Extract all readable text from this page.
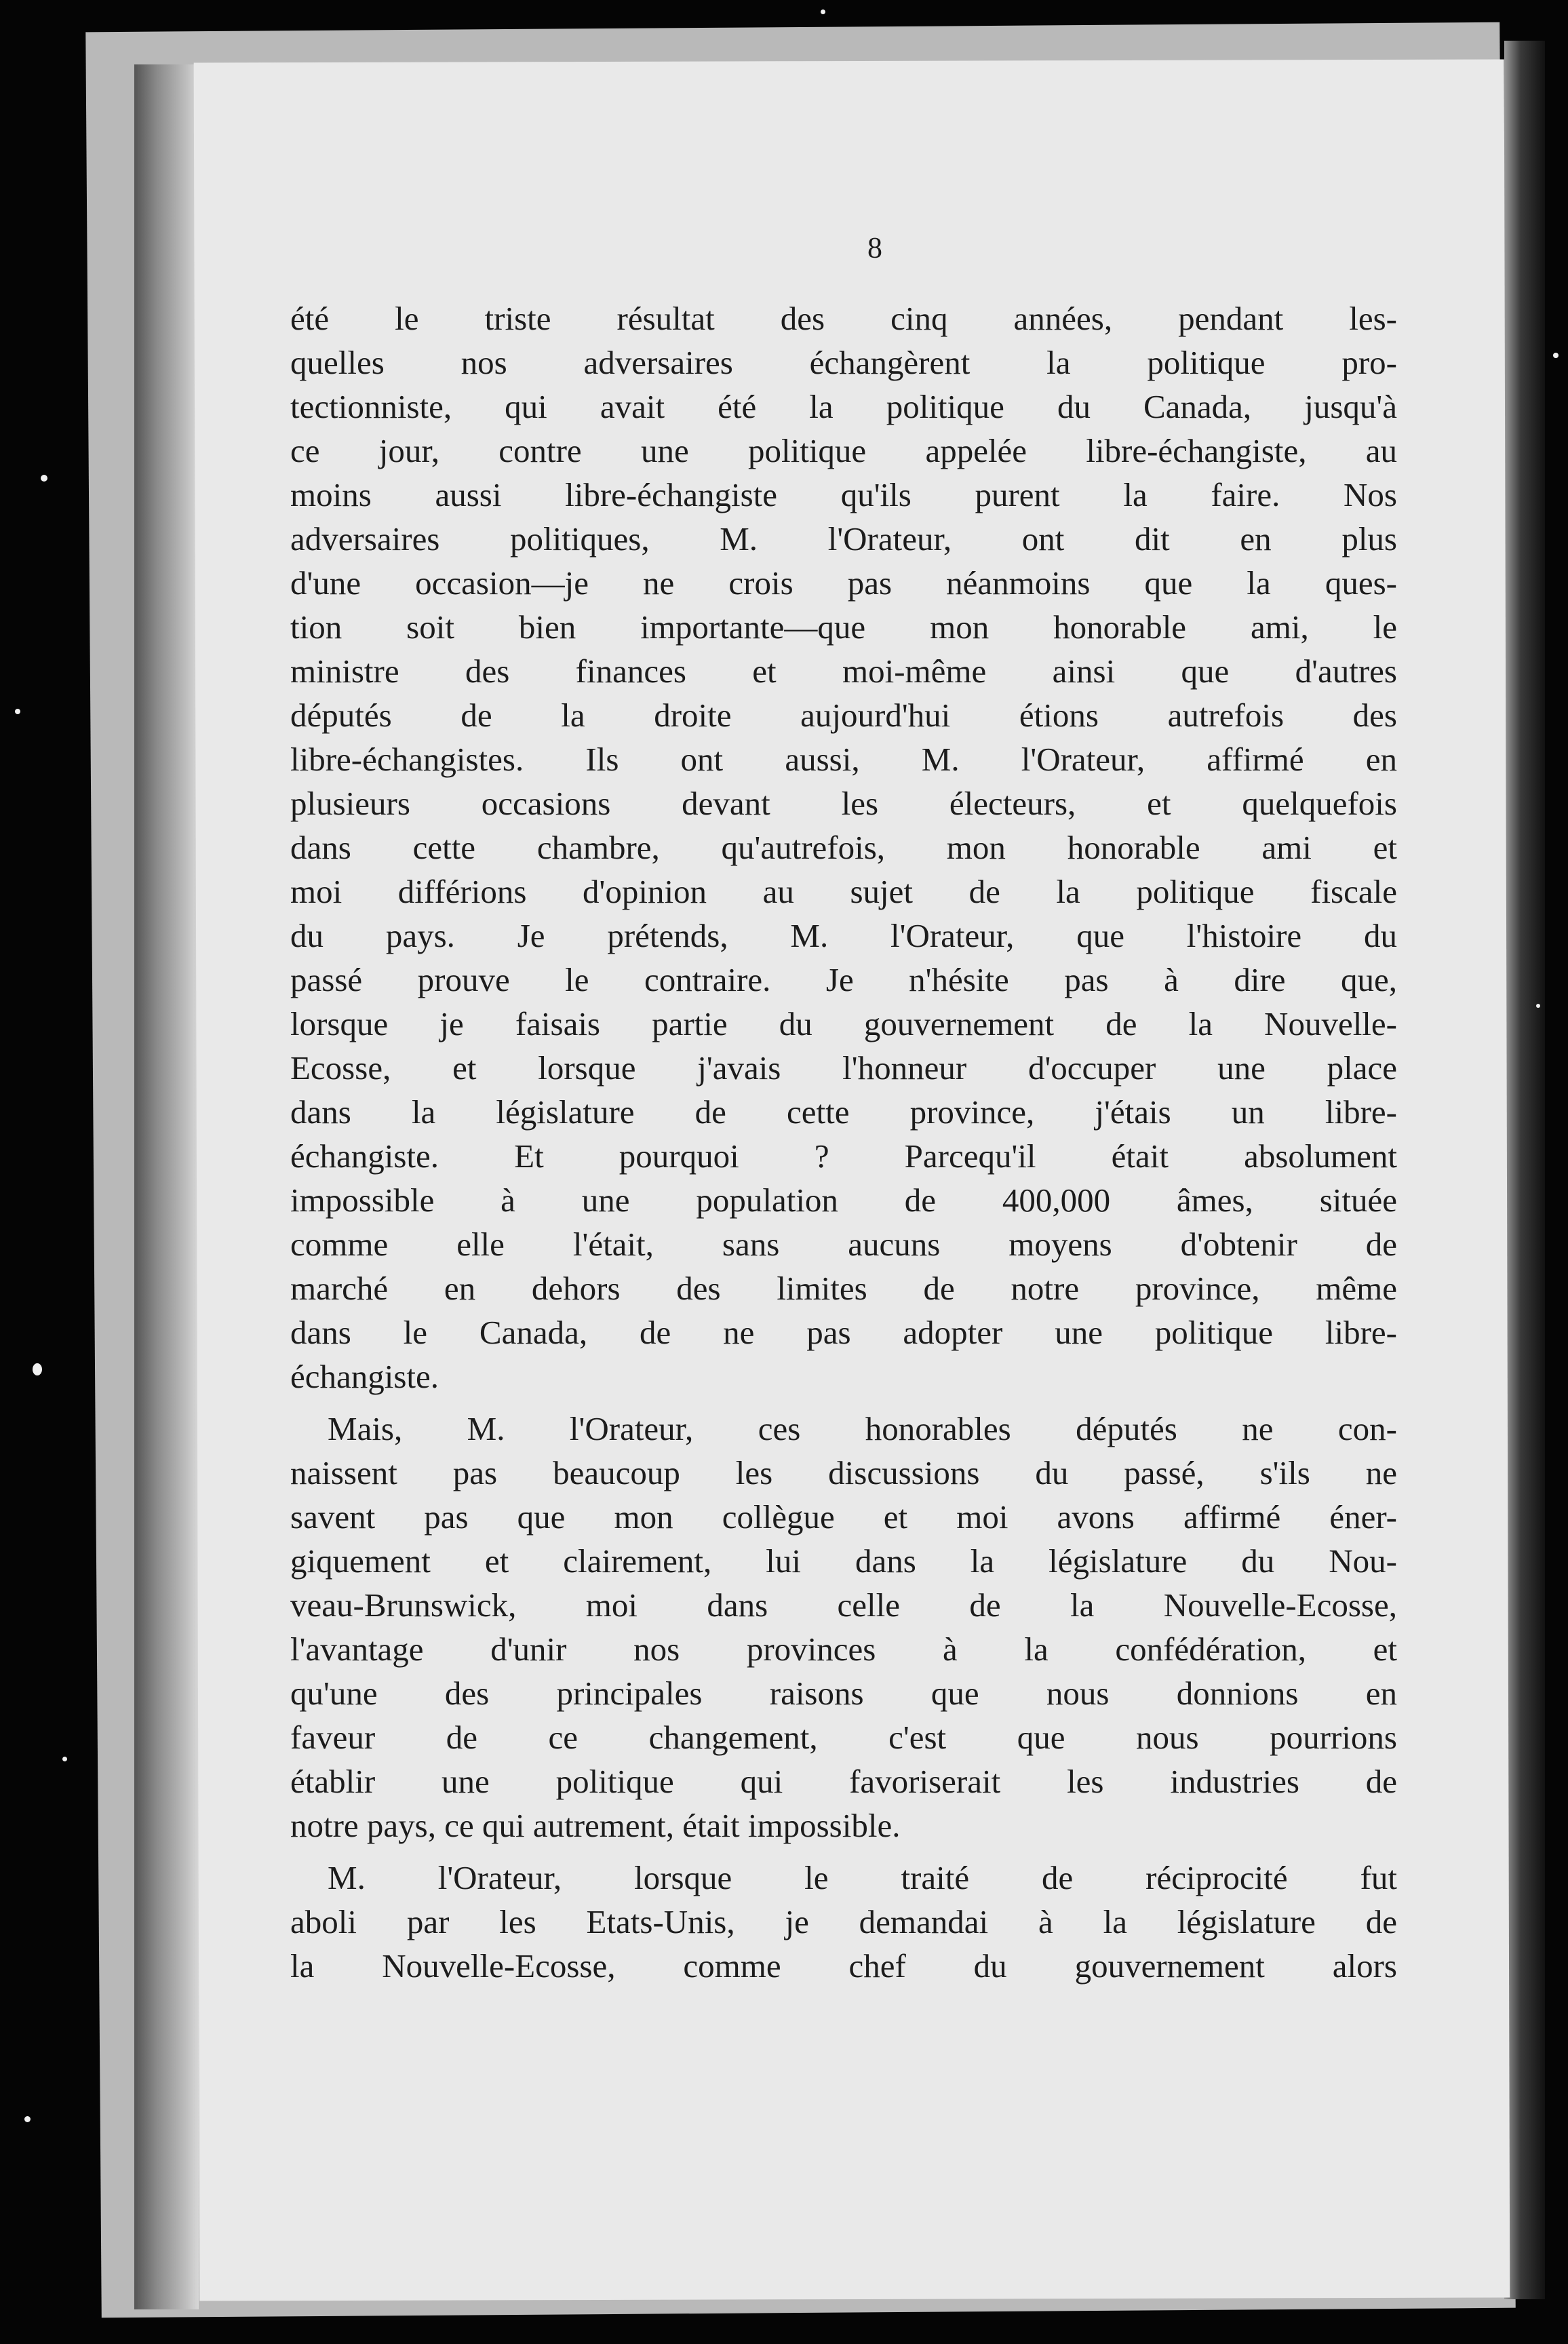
8
été le triste résultat des cinq années, pendant les-
quelles nos adversaires échangèrent la politique pro-
tectionniste, qui avait été la politique du Canada, jusqu'à
ce jour, contre une politique appelée libre-échangiste, au
moins aussi libre-échangiste qu'ils purent la faire. Nos
adversaires politiques, M. l'Orateur, ont dit en plus
d'une occasion—je ne crois pas néanmoins que la ques-
tion soit bien importante—que mon honorable ami, le
ministre des finances et moi-même ainsi que d'autres
députés de la droite aujourd'hui étions autrefois des
libre-échangistes. Ils ont aussi, M. l'Orateur, affirmé en
plusieurs occasions devant les électeurs, et quelquefois
dans cette chambre, qu'autrefois, mon honorable ami et
moi différions d'opinion au sujet de la politique fiscale
du pays. Je prétends, M. l'Orateur, que l'histoire du
passé prouve le contraire. Je n'hésite pas à dire que,
lorsque je faisais partie du gouvernement de la Nouvelle-
Ecosse, et lorsque j'avais l'honneur d'occuper une place
dans la législature de cette province, j'étais un libre-
échangiste. Et pourquoi ? Parcequ'il était absolument
impossible à une population de 400,000 âmes, située
comme elle l'était, sans aucuns moyens d'obtenir de
marché en dehors des limites de notre province, même
dans le Canada, de ne pas adopter une politique libre-
échangiste.
Mais, M. l'Orateur, ces honorables députés ne con-
naissent pas beaucoup les discussions du passé, s'ils ne
savent pas que mon collègue et moi avons affirmé éner-
giquement et clairement, lui dans la législature du Nou-
veau-Brunswick, moi dans celle de la Nouvelle-Ecosse,
l'avantage d'unir nos provinces à la confédération, et
qu'une des principales raisons que nous donnions en
faveur de ce changement, c'est que nous pourrions
établir une politique qui favoriserait les industries de
notre pays, ce qui autrement, était impossible.
M. l'Orateur, lorsque le traité de réciprocité fut
aboli par les Etats-Unis, je demandai à la législature de
la Nouvelle-Ecosse, comme chef du gouvernement alors
